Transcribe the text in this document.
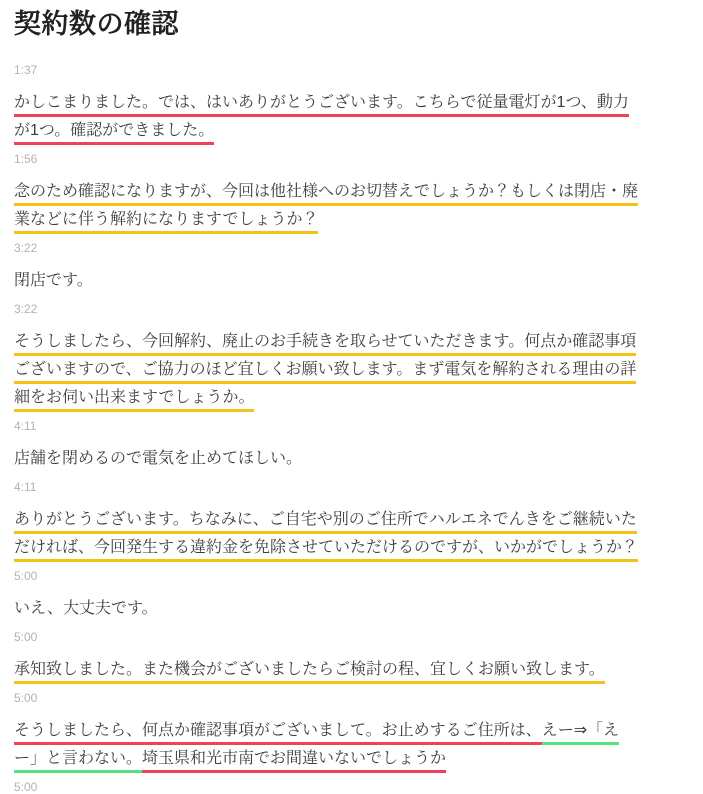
契約数の確認
1:37

かしこまりました。では、はいありがとうございます。こちらで従量電灯が1つ、動力が1つ。確認ができました。

1:56

念のため確認になりますが、今回は他社様へのお切替えでしょうか？もしくは閉店・廃業などに伴う解約になりますでしょうか？

3:22

閉店です。

3:22

そうしましたら、今回解約、廃止のお手続きを取らせていただきます。何点か確認事項ございますので、ご協力のほど宜しくお願い致します。まず電気を解約される理由の詳細をお伺い出来ますでしょうか。

4:11

店舗を閉めるので電気を止めてほしい。

4:11

ありがとうございます。ちなみに、ご自宅や別のご住所でハルエネでんきをご継続いただければ、今回発生する違約金を免除させていただけるのですが、いかがでしょうか？

5:00

いえ、大丈夫です。

5:00

承知致しました。また機会がございましたらご検討の程、宜しくお願い致します。

5:00

そうしましたら、何点か確認事項がございまして。お止めするご住所は、えー⇒「えー」と言わない。埼玉県和光市南でお間違いないでしょうか

5:00
